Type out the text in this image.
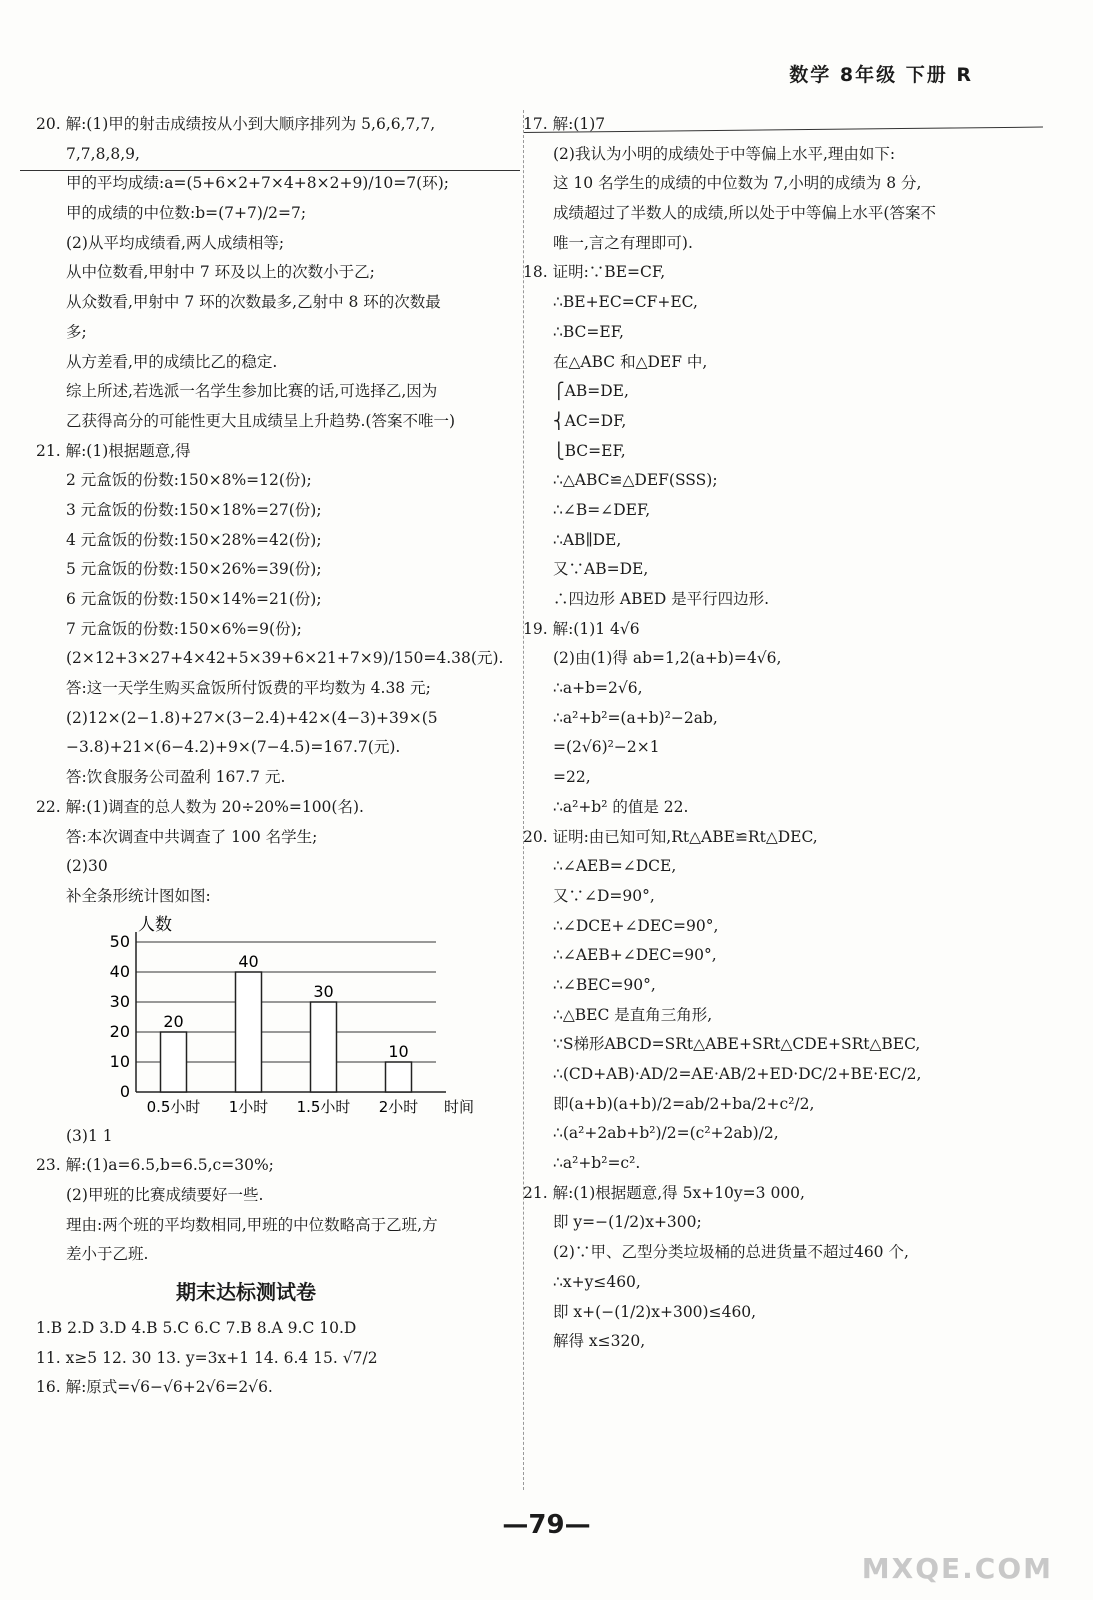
数学 8年级 下册 R
20. 解:(1)甲的射击成绩按从小到大顺序排列为 5,6,6,7,7,
7,7,8,8,9,
甲的平均成绩:a=(5+6×2+7×4+8×2+9)/10=7(环);
甲的成绩的中位数:b=(7+7)/2=7;
(2)从平均成绩看,两人成绩相等;
从中位数看,甲射中 7 环及以上的次数小于乙;
从众数看,甲射中 7 环的次数最多,乙射中 8 环的次数最
多;
从方差看,甲的成绩比乙的稳定.
综上所述,若选派一名学生参加比赛的话,可选择乙,因为
乙获得高分的可能性更大且成绩呈上升趋势.(答案不唯一)
21. 解:(1)根据题意,得
2 元盒饭的份数:150×8%=12(份);
3 元盒饭的份数:150×18%=27(份);
4 元盒饭的份数:150×28%=42(份);
5 元盒饭的份数:150×26%=39(份);
6 元盒饭的份数:150×14%=21(份);
7 元盒饭的份数:150×6%=9(份);
(2×12+3×27+4×42+5×39+6×21+7×9)/150=4.38(元).
答:这一天学生购买盒饭所付饭费的平均数为 4.38 元;
(2)12×(2−1.8)+27×(3−2.4)+42×(4−3)+39×(5
−3.8)+21×(6−4.2)+9×(7−4.5)=167.7(元).
答:饮食服务公司盈利 167.7 元.
22. 解:(1)调查的总人数为 20÷20%=100(名).
答:本次调查中共调查了 100 名学生;
(2)30
补全条形统计图如图:
0
10
20
30
40
50
人数
20
0.5小时
40
1小时
30
1.5小时
10
2小时 时间
(3)1 1
23. 解:(1)a=6.5,b=6.5,c=30%;
(2)甲班的比赛成绩要好一些.
理由:两个班的平均数相同,甲班的中位数略高于乙班,方
差小于乙班.
期末达标测试卷
1.B 2.D 3.D 4.B 5.C 6.C 7.B 8.A 9.C 10.D
11. x≥5 12. 30 13. y=3x+1 14. 6.4 15. √7/2
16. 解:原式=√6−√6+2√6=2√6.
17. 解:(1)7
(2)我认为小明的成绩处于中等偏上水平,理由如下:
这 10 名学生的成绩的中位数为 7,小明的成绩为 8 分,
成绩超过了半数人的成绩,所以处于中等偏上水平(答案不
唯一,言之有理即可).
18. 证明:∵BE=CF,
∴BE+EC=CF+EC,
∴BC=EF,
在△ABC 和△DEF 中,
⎧AB=DE,
⎨AC=DF,
⎩BC=EF,
∴△ABC≌△DEF(SSS);
∴∠B=∠DEF,
∴AB∥DE,
又∵AB=DE,
∴四边形 ABED 是平行四边形.
19. 解:(1)1 4√6
(2)由(1)得 ab=1,2(a+b)=4√6,
∴a+b=2√6,
∴a²+b²=(a+b)²−2ab,
=(2√6)²−2×1
=22,
∴a²+b² 的值是 22.
20. 证明:由已知可知,Rt△ABE≌Rt△DEC,
∴∠AEB=∠DCE,
又∵∠D=90°,
∴∠DCE+∠DEC=90°,
∴∠AEB+∠DEC=90°,
∴∠BEC=90°,
∴△BEC 是直角三角形,
∵S梯形ABCD=SRt△ABE+SRt△CDE+SRt△BEC,
∴(CD+AB)·AD/2=AE·AB/2+ED·DC/2+BE·EC/2,
即(a+b)(a+b)/2=ab/2+ba/2+c²/2,
∴(a²+2ab+b²)/2=(c²+2ab)/2,
∴a²+b²=c².
21. 解:(1)根据题意,得 5x+10y=3 000,
即 y=−(1/2)x+300;
(2)∵甲、乙型分类垃圾桶的总进货量不超过460 个,
∴x+y≤460,
即 x+(−(1/2)x+300)≤460,
解得 x≤320,
—79—
MXQE.COM
